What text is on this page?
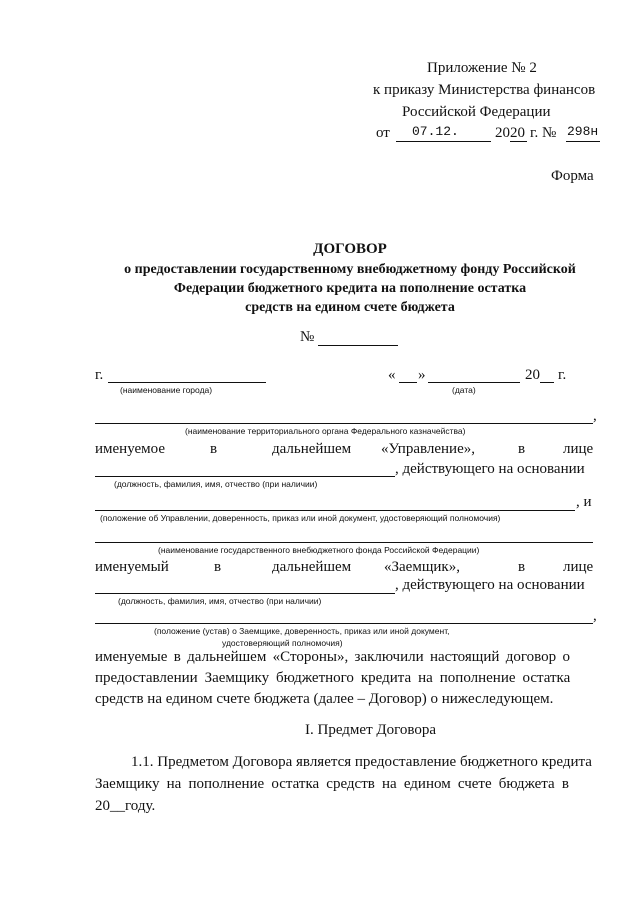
Приложение № 2
к приказу Министерства финансов
Российской Федерации
от 07.12. 20 20 г. № 298н
Форма
ДОГОВОР
о предоставлении государственному внебюджетному фонду Российской
Федерации бюджетного кредита на пополнение остатка
средств на едином счете бюджета
№
г.
(наименование города)
« »	20 г.
(дата)
,
(наименование территориального органа Федерального казначейства)
именуемое	в	дальнейшем «Управление»,	в	лице
, действующего на основании
(должность, фамилия, имя, отчество (при наличии)
, и
(положение об Управлении, доверенность, приказ или иной документ, удостоверяющий полномочия)
(наименование государственного внебюджетного фонда Российской Федерации)
именуемый	в	дальнейшем «Заемщик»,	в	лице
, действующего на основании
(должность, фамилия, имя, отчество (при наличии)
,
(положение (устав) о Заемщике, доверенность, приказ или иной документ,
удостоверяющий полномочия)
именуемые в дальнейшем «Стороны», заключили настоящий договор о
предоставлении Заемщику бюджетного кредита на пополнение остатка
средств на едином счете бюджета (далее – Договор) о нижеследующем.
I. Предмет Договора
1.1. Предметом Договора является предоставление бюджетного кредита
Заемщику на пополнение остатка средств на едином счете бюджета в
20__году.
